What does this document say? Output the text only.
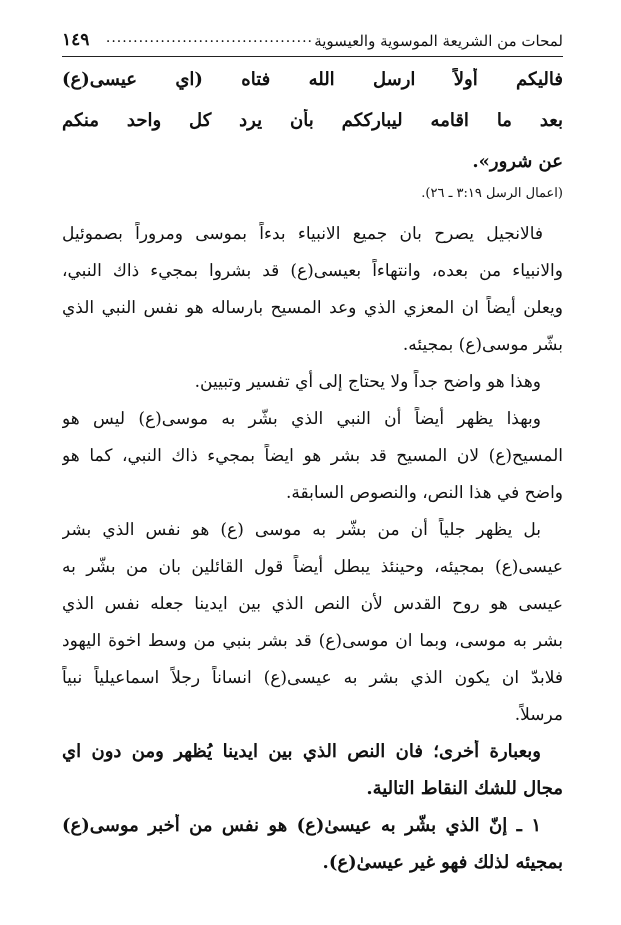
لمحات من الشريعة الموسوية والعيسوية
......................................
١٤٩
فاليكم أولاً ارسل الله فتاه (اي عيسى(ع)
بعد ما اقامه ليبارككم بأن يرد كل واحد منكم
عن شرور».
(اعمال الرسل ٣:١٩ ـ ٢٦).
فالانجيل يصرح بان جميع الانبياء بدءاً بموسى ومروراً بصموئيل
والانبياء من بعده، وانتهاءاً بعيسى(ع) قد بشروا بمجيء ذاك النبي،
ويعلن أيضاً ان المعزي الذي وعد المسيح بارساله هو نفس النبي الذي
بشّر موسى(ع) بمجيئه.
وهذا هو واضح جداً ولا يحتاج إلى أي تفسير وتبيين.
وبهذا يظهر أيضاً أن النبي الذي بشّر به موسى(ع) ليس هو
المسيح(ع) لان المسيح قد بشر هو ايضاً بمجيء ذاك النبي، كما هو
واضح في هذا النص، والنصوص السابقة.
بل يظهر جلياً أن من بشّر به موسى (ع) هو نفس الذي بشر
عيسى(ع) بمجيئه، وحينئذ يبطل أيضاً قول القائلين بان من بشّر به
عيسى هو روح القدس لأن النص الذي بين ايدينا جعله نفس الذي
بشر به موسى، وبما ان موسى(ع) قد بشر بنبي من وسط اخوة اليهود
فلابدّ ان يكون الذي بشر به عيسى(ع) انساناً رجلاً اسماعيلياً نبياً
مرسلاً.
وبعبارة أُخرى؛ فان النص الذي بين ايدينا يُظهر ومن دون اي
مجال للشك النقاط التالية.
١ ـ إنّ الذي بشّر به عيسىٰ(ع) هو نفس من أخبر موسى(ع)
بمجيئه لذلك فهو غير عيسىٰ(ع).
